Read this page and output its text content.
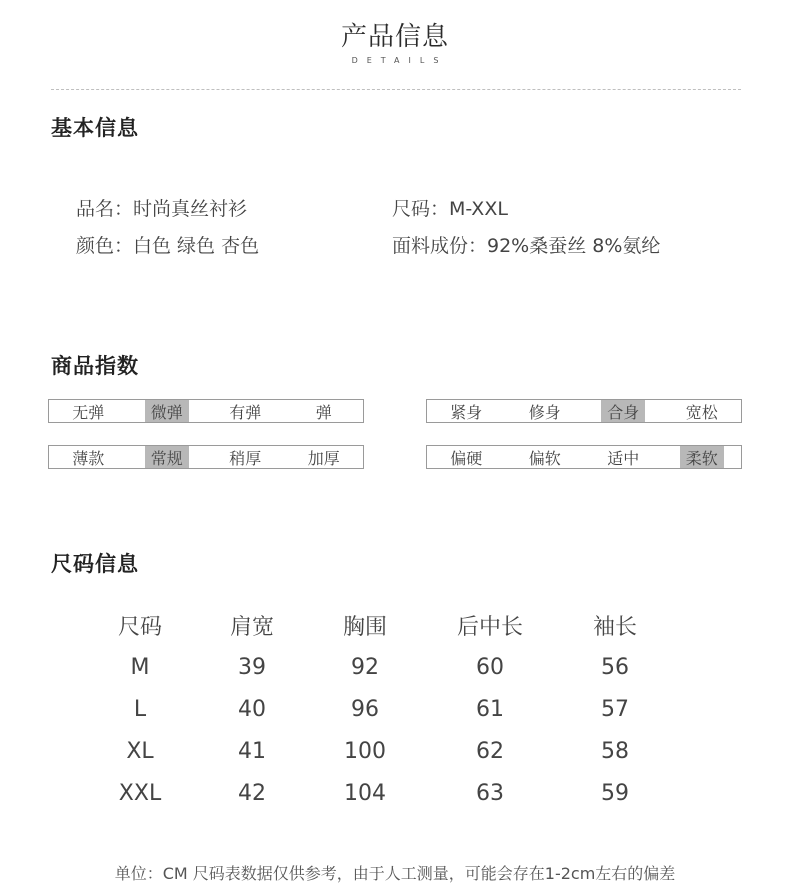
产品信息
DETAILS
基本信息
品名：时尚真丝衬衫	尺码：M-XXL
颜色：白色 绿色 杏色	面料成份：92%桑蚕丝 8%氨纶
商品指数
无弹	微弹	有弹	弹	紧身	修身	合身	宽松
薄款	常规	稍厚	加厚	偏硬	偏软	适中	柔软
尺码信息
尺码	肩宽	胸围	后中长	袖长
M	39	92	60	56
L	40	96	61	57
XL	41	100	62	58
XXL	42	104	63	59
单位：CM 尺码表数据仅供参考，由于人工测量，可能会存在1-2cm左右的偏差
